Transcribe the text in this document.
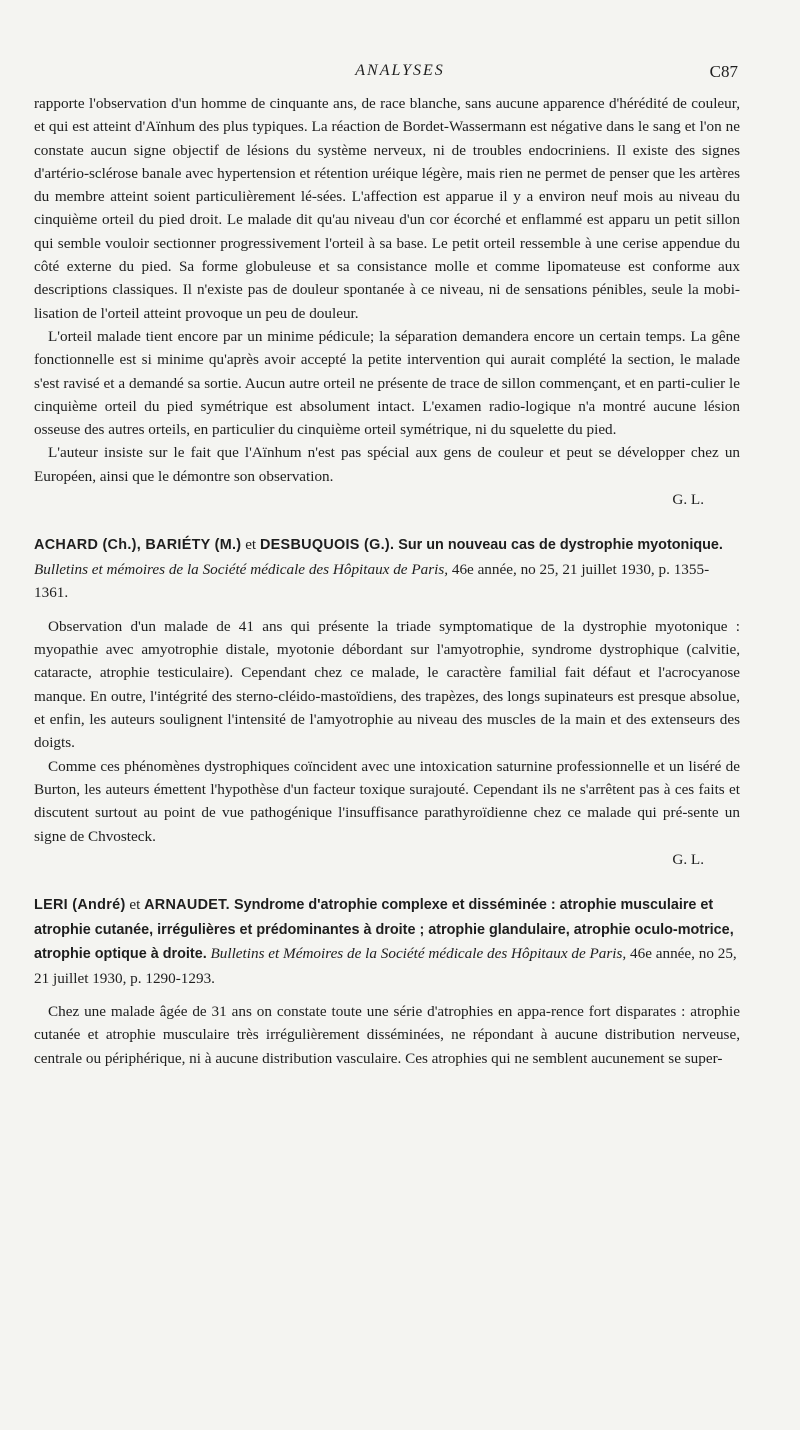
ANALYSES	C87

rapporte l'observation d'un homme de cinquante ans, de race blanche, sans aucune apparence d'hérédité de couleur, et qui est atteint d'Aïnhum des plus typiques. La réaction de Bordet-Wassermann est négative dans le sang et l'on ne constate aucun signe objectif de lésions du système nerveux, ni de troubles endocriniens. Il existe des signes d'artério-sclérose banale avec hypertension et rétention uréique légère, mais rien ne permet de penser que les artères du membre atteint soient particulièrement lé-sées. L'affection est apparue il y a environ neuf mois au niveau du cinquième orteil du pied droit. Le malade dit qu'au niveau d'un cor écorché et enflammé est apparu un petit sillon qui semble vouloir sectionner progressivement l'orteil à sa base. Le petit orteil ressemble à une cerise appendue du côté externe du pied. Sa forme globuleuse et sa consistance molle et comme lipomateuse est conforme aux descriptions classiques. Il n'existe pas de douleur spontanée à ce niveau, ni de sensations pénibles, seule la mobi-lisation de l'orteil atteint provoque un peu de douleur.

L'orteil malade tient encore par un minime pédicule; la séparation demandera encore un certain temps. La gêne fonctionnelle est si minime qu'après avoir accepté la petite intervention qui aurait complété la section, le malade s'est ravisé et a demandé sa sortie. Aucun autre orteil ne présente de trace de sillon commençant, et en parti-culier le cinquième orteil du pied symétrique est absolument intact. L'examen radio-logique n'a montré aucune lésion osseuse des autres orteils, en particulier du cinquième orteil symétrique, ni du squelette du pied.

L'auteur insiste sur le fait que l'Aïnhum n'est pas spécial aux gens de couleur et peut se développer chez un Européen, ainsi que le démontre son observation.

G. L.

ACHARD (Ch.), BARIÉTY (M.) et DESBUQUOIS (G.). Sur un nouveau cas de dystrophie myotonique. Bulletins et mémoires de la Société médicale des Hôpitaux de Paris, 46e année, no 25, 21 juillet 1930, p. 1355-1361.

Observation d'un malade de 41 ans qui présente la triade symptomatique de la dystrophie myotonique : myopathie avec amyotrophie distale, myotonie débordant sur l'amyotrophie, syndrome dystrophique (calvitie, cataracte, atrophie testiculaire). Cependant chez ce malade, le caractère familial fait défaut et l'acrocyanose manque. En outre, l'intégrité des sterno-cléido-mastoïdiens, des trapèzes, des longs supinateurs est presque absolue, et enfin, les auteurs soulignent l'intensité de l'amyotrophie au niveau des muscles de la main et des extenseurs des doigts.

Comme ces phénomènes dystrophiques coïncident avec une intoxication saturnine professionnelle et un liséré de Burton, les auteurs émettent l'hypothèse d'un facteur toxique surajouté. Cependant ils ne s'arrêtent pas à ces faits et discutent surtout au point de vue pathogénique l'insuffisance parathyroïdienne chez ce malade qui pré-sente un signe de Chvosteck.

G. L.

LERI (André) et ARNAUDET. Syndrome d'atrophie complexe et disséminée : atrophie musculaire et atrophie cutanée, irrégulières et prédominantes à droite ; atrophie glandulaire, atrophie oculo-motrice, atrophie optique à droite. Bulletins et Mémoires de la Société médicale des Hôpitaux de Paris, 46e année, no 25, 21 juillet 1930, p. 1290-1293.

Chez une malade âgée de 31 ans on constate toute une série d'atrophies en appa-rence fort disparates : atrophie cutanée et atrophie musculaire très irrégulièrement disséminées, ne répondant à aucune distribution nerveuse, centrale ou périphérique, ni à aucune distribution vasculaire. Ces atrophies qui ne semblent aucunement se super-
